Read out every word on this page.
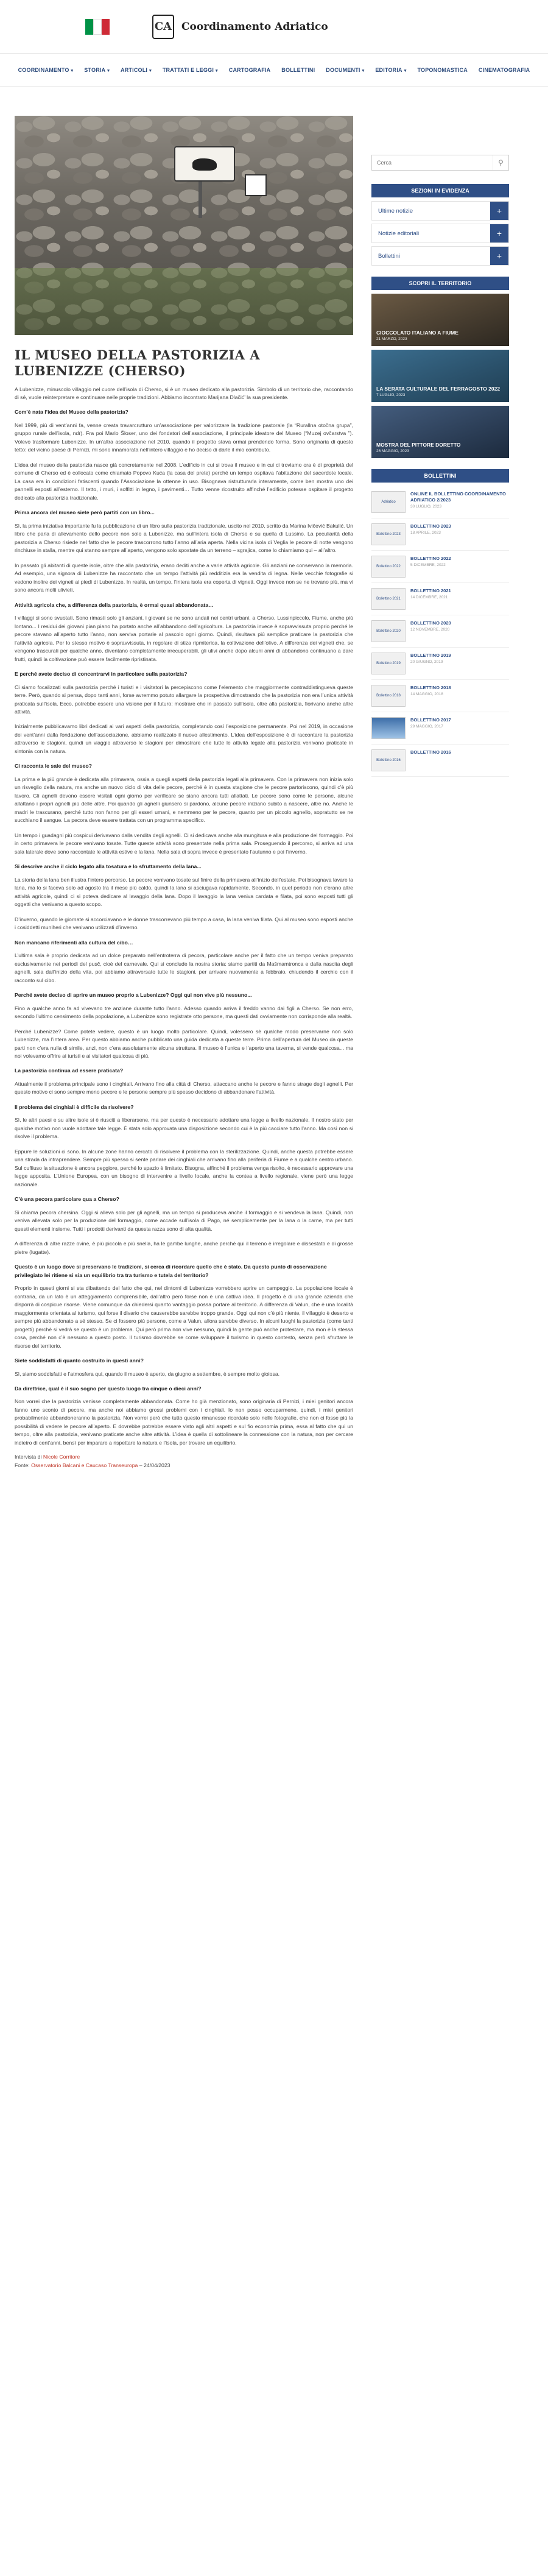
CA Coordinamento Adriatico
COORDINAMENTO ▾	STORIA ▾	ARTICOLI ▾	TRATTATI E LEGGI ▾	CARTOGRAFIA	BOLLETTINI	DOCUMENTI ▾	EDITORIA ▾	TOPONOMASTICA	CINEMATOGRAFIA
IL MUSEO DELLA PASTORIZIA A LUBENIZZE (CHERSO)

A Lubenizze, minuscolo villaggio nel cuore dell’isola di Cherso, si è un museo dedicato alla pastorizia. Simbolo di un territorio che, raccontando di sé, vuole reinterpretare e continuare nelle proprie tradizioni. Abbiamo incontrato Marijana Dlačić’ la sua presidente.

Com’è nata l’idea del Museo della pastorizia?

Nel 1999, più di vent’anni fa, venne creata travarcrutturo un’associazione per valorizzare la tradizione pastorale (la “Rurallna otočna grupa”, gruppo rurale dell’isola, ndr). Fra poi Mario Šloser, uno dei fondatori dell’associazione, il principale ideatore del Museo (“Muzej ovčarstva ”). Volevo trasformare Lubenizze. In un’altra associazione nel 2010, quando il progetto stava ormai prendendo forma. Sono originaria di questo tetto: del vicino paese di Pernizi, mi sono innamorata nell’intero villaggio e ho deciso di darle il mio contributo.

L’idea del museo della pastorizia nasce già concretamente nel 2008. L’edificio in cui si trova il museo e in cui ci troviamo ora è di proprietà del comune di Cherso ed è collocato come chiamato Popovo Kuća (la casa del prete) perché un tempo ospitava l’abitazione del sacerdote locale. La casa era in condizioni fatiscenti quando l’Associazione la ottenne in uso. Bisognava ristrutturarla interamente, come ben mostra uno dei pannelli esposti all’esterno. Il tetto, i muri, i soffitti in legno, i pavimenti… Tutto venne ricostruito affinché l’edificio potesse ospitare il progetto dedicato alla pastorizia tradizionale.

Prima ancora del museo siete però partiti con un libro...

Sì, la prima iniziativa importante fu la pubblicazione di un libro sulla pastorizia tradizionale, uscito nel 2010, scritto da Marina Ivičević Bakulić. Un libro che parla di allevamento dello pecore non solo a Lubenizze, ma sull’intera isola di Cherso e su quella di Lussino. La peculiarità della pastorizia a Cherso risiede nel fatto che le pecore trascorrono tutto l’anno all’aria aperta. Nella vicina isola di Veglia le pecore di notte vengono rinchiuse in stalla, mentre qui stanno sempre all’aperto, vengono solo spostate da un terreno – sgrajica, come lo chiamiamo qui – all’altro.

In passato gli abitanti di queste isole, oltre che alla pastorizia, erano dediti anche a varie attività agricole. Gli anziani ne conservano la memoria. Ad esempio, una signora di Lubenizze ha raccontato che un tempo l’attività più redditizia era la vendita di legna. Nelle vecchie fotografie si vedono inoltre dei vigneti ai piedi di Lubenizze. In realtà, un tempo, l’intera isola era coperta di vigneti. Oggi invece non se ne trovano più, ma vi sono ancora molti ulivieti.

Attività agricola che, a differenza della pastorizia, è ormai quasi abbandonata…

I villaggi si sono svuotati. Sono rimasti solo gli anziani, i giovani se ne sono andati nei centri urbani, a Cherso, Lussinpiccolo, Fiume, anche più lontano... I residui dei giovani pian piano ha portato anche all’abbandono dell’agricoltura. La pastorizia invece è sopravvissuta proprio perché le pecore stavano all’aperto tutto l’anno, non serviva portarle al pascolo ogni giorno. Quindi, risultava più semplice praticare la pastorizia che l’attività agricola. Per lo stesso motivo è sopravvissuta, in regolare di stiza ripmiterica, la coltivazione dell’olivo. A differenza dei vigneti che, se vengono trascurati per qualche anno, diventano completamente irrecuperabili, gli ulivi anche dopo alcuni anni di abbandono continuano a dare frutti, quindi la coltivazione può essere facilmente ripristinata.

E perché avete deciso di concentrarvi in particolare sulla pastorizia?

Ci siamo focalizzati sulla pastorizia perché i turisti e i visitatori la percepiscono come l’elemento che maggiormente contraddistingueva queste terre. Però, quando si pensa, dopo tanti anni, forse avremmo potuto allargare la prospettiva dimostrando che la pastorizia non era l’unica attività praticata sull’isola. Ecco, potrebbe essere una visione per il futuro: mostrare che in passato sull’isola, oltre alla pastorizia, fiorivano anche altre attività.

Inizialmente pubblicavamo libri dedicati ai vari aspetti della pastorizia, completando così l’esposizione permanente. Poi nel 2019, in occasione dei vent’anni dalla fondazione dell’associazione, abbiamo realizzato il nuovo allestimento. L’idea dell’esposizione è di raccontare la pastorizia attraverso le stagioni, quindi un viaggio attraverso le stagioni per dimostrare che tutte le attività legate alla pastorizia venivano praticate in sintonia con la natura.

Ci racconta le sale del museo?

La prima e la più grande è dedicata alla primavera, ossia a quegli aspetti della pastorizia legati alla primavera. Con la primavera non inizia solo un risveglio della natura, ma anche un nuovo ciclo di vita delle pecore, perché è in questa stagione che le pecore partoriscono, quindi c’è più lavoro. Gli agnelli devono essere visitati ogni giorno per verificare se siano ancora tutti allattati. Le pecore sono come le persone, alcune allattano i propri agnelli più delle altre. Poi quando gli agnelli giunsero si pardono, alcune pecore iniziano subito a nascere, altre no. Anche le madri le trascurano, perché tutto non fanno per gli esseri umani, e nemmeno per le pecore, quanto per un piccolo agnello, sopratutto se ne succhiano il sangue. La pecora deve essere trattata con un programma specifico.

Un tempo i guadagni più cospicui derivavano dalla vendita degli agnelli. Ci si dedicava anche alla mungitura e alla produzione del formaggio. Poi in certo primavera le pecore venivano tosate. Tutte queste attività sono presentate nella prima sala. Proseguendo il percorso, si arriva ad una sala laterale dove sono raccontate le attività estive e la lana. Nella sala di sopra invece è presentato l’autunno e poi l’inverno.

Si descrive anche il ciclo legato alla tosatura e lo sfruttamento della lana...

La storia della lana ben illustra l’intero percorso. Le pecore venivano tosate sul finire della primavera all’inizio dell’estate. Poi bisognava lavare la lana, ma lo si faceva solo ad agosto tra il mese più caldo, quindi la lana si asciugava rapidamente. Secondo, in quel periodo non c’erano altre attività agricole, quindi ci si poteva dedicare al lavaggio della lana. Dopo il lavaggio la lana veniva cardata e filata, poi sono esposti tutti gli oggetti che venivano a questo scopo.

D’inverno, quando le giornate si accorciavano e le donne trascorrevano più tempo a casa, la lana veniva filata. Qui al museo sono esposti anche i cosiddetti muniheri che venivano utilizzati d’inverno.

Non mancano riferimenti alla cultura del cibo…

L’ultima sala è proprio dedicata ad un dolce preparato nell’entroterra di pecora, particolare anche per il fatto che un tempo veniva preparato esclusivamente nei periodi del pusč, cioè del carnevale. Qui si conclude la nostra storia: siamo partiti da Mašmamtronca e dalla nascita degli agnelli, sala dall’inizio della vita, poi abbiamo attraversato tutte le stagioni, per arrivare nuovamente a febbraio, chiudendo il cerchio con il racconto sul cibo.

Perché avete deciso di aprire un museo proprio a Lubenizze? Oggi qui non vive più nessuno...

Fino a qualche anno fa ad vivevano tre anziane durante tutto l’anno. Adesso quando arriva il freddo vanno dai figli a Cherso. Se non erro, secondo l’ultimo censimento della popolazione, a Lubenizze sono registrate otto persone, ma questi dati ovviamente non corrisponde alla realtà.

Perché Lubenizze? Come potete vedere, questo è un luogo molto particolare. Quindi, volessero sè qualche modo preservarne non solo Lubenizze, ma l’intera area. Per questo abbiamo anche pubblicato una guida dedicata a queste terre. Prima dell’apertura del Museo da queste parti non c’era nulla di simile, anzi, non c’era assolutamente alcuna struttura. Il museo è l’unica e l’aperto una taverna, si vende qualcosa... ma noi volevamo offrire ai turisti e ai visitatori qualcosa di più.

La pastorizia continua ad essere praticata?

Attualmente il problema principale sono i cinghiali. Arrivano fino alla città di Cherso, attaccano anche le pecore e fanno strage degli agnelli. Per questo motivo ci sono sempre meno pecore e le persone sempre più spesso decidono di abbandonare l’attività.

Il problema dei cinghiali è difficile da risolvere?

Sì, le altri paesi e su altre isole si è riusciti a liberarsene, ma per questo è necessario adottare una legge a livello nazionale. Il nostro stato per qualche motivo non vuole adottare tale legge. È stata solo approvata una disposizione secondo cui è la più cacciare tutto l’anno. Ma così non si risolve il problema.

Eppure le soluzioni ci sono. In alcune zone hanno cercato di risolvere il problema con la sterilizzazione. Quindi, anche questa potrebbe essere una strada da intraprendere. Sempre più spesso si sente parlare dei cinghiali che arrivano fino alla periferia di Fiume e a qualche centro urbano. Sul cuffiuso la situazione è ancora peggiore, perché lo spazio è limitato. Bisogna, affinché il problema venga risolto, è necessario approvare una legge apposita. L’Unione Europea, con un bisogno di intervenire a livello locale, anche la contea a livello regionale, viene però una legge nazionale.

C’è una pecora particolare qua a Cherso?

Si chiama pecora chersina. Oggi si alleva solo per gli agnelli, ma un tempo si produceva anche il formaggio e si vendeva la lana. Quindi, non veniva allevata solo per la produzione del formaggio, come accade sull’isola di Pago, né semplicemente per la lana o la carne, ma per tutti questi elementi insieme. Tutti i prodotti derivanti da questa razza sono di alta qualità.

A differenza di altre razze ovine, è più piccola e più snella, ha le gambe lunghe, anche perché qui il terreno è irregolare e dissestato e di grosse pietre (lugatte).

Questo è un luogo dove si preservano le tradizioni, si cerca di ricordare quello che è stato. Da questo punto di osservazione privilegiato lei ritiene si sia un equilibrio tra tra turismo e tutela del territorio?

Proprio in questi giorni si sta dibattendo del fatto che qui, nel dintorni di Lubenizze vorrebbero aprire un campeggio. La popolazione locale è contraria, da un lato è un atteggiamento comprensibile, dall’altro però forse non è una cattiva idea. Il progetto è di una grande azienda che disporrà di cospicue risorse. Viene comunque da chiedersi quanto vantaggio possa portare al territorio. A differenza di Valun, che è una località maggiormente orientata al turismo, qui forse il divario che causerebbe sarebbe troppo grande. Oggi qui non c’è più niente, il villaggio è deserto e sempre più abbandonato a sé stesso. Se ci fossero più persone, come a Valun, allora sarebbe diverso. In alcuni luoghi la pastorizia (come tanti progetti) perché si vedrà se questo è un problema. Qui però prima non vive nessuno, quindi la gente può anche protestare, ma mon è la stessa cosa, perché non c’è nessuno a questo posto. Il turismo dovrebbe se come sviluppare il turismo in questo contesto, senza però sfruttare le risorse del territorio.

Siete soddisfatti di quanto costruito in questi anni?

Sì, siamo soddisfatti e l’atmosfera qui, quando il museo è aperto, da giugno a settembre, è sempre molto gioiosa.

Da direttrice, qual è il suo sogno per questo luogo tra cinque o dieci anni?

Non vorrei che la pastorizia venisse completamente abbandonata. Come ho già menzionato, sono originaria di Pernizi, i miei genitori ancora fanno uno sconto di pecore, ma anche noi abbiamo grossi problemi con i cinghiali. Io non posso occuparmene, quindi, i miei genitori probabilmente abbandoneranno la pastorizia. Non vorrei però che tutto questo rimanesse ricordato solo nelle fotografie, che non ci fosse più la possibilità di vedere le pecore all’aperto. E dovrebbe potrebbe essere visto agli altri aspetti e sul fio economia prima, essa al fatto che qui un tempo, oltre alla pastorizia, venivano praticate anche altre attività. L’idea è quella di sottolineare la connessione con la natura, non per cercare indietro di cent’anni, bensì per imparare a rispettare la natura e l’isola, per trovare un equilibrio.

Intervista di Nicole Corritore
Fonte: Osservatorio Balcani e Caucaso Transeuropa – 24/04/2023
Cerca
⚲
SEZIONI IN EVIDENZA
Ultime notizie	+
Notizie editoriali	+
Bollettini	+
SCOPRI IL TERRITORIO
CIOCCOLATO ITALIANO A FIUME
21 MARZO, 2023
LA SERATA CULTURALE DEL FERRAGOSTO 2022
7 LUGLIO, 2023
MOSTRA DEL PITTORE DORETTO
26 MAGGIO, 2023
BOLLETTINI
Adriatico
ONLINE IL BOLLETTINO COORDINAMENTO ADRIATICO 2/2023
30 LUGLIO, 2023
Bollettino 2023
BOLLETTINO 2023
18 APRILE, 2023
Bollettino 2022
BOLLETTINO 2022
5 DICEMBRE, 2022
Bollettino 2021
BOLLETTINO 2021
14 DICEMBRE, 2021
Bollettino 2020
BOLLETTINO 2020
12 NOVEMBRE, 2020
Bollettino 2019
BOLLETTINO 2019
20 GIUGNO, 2019
Bollettino 2018
BOLLETTINO 2018
14 MAGGIO, 2018
BOLLETTINO 2017
29 MAGGIO, 2017
Bollettino 2016
BOLLETTINO 2016
